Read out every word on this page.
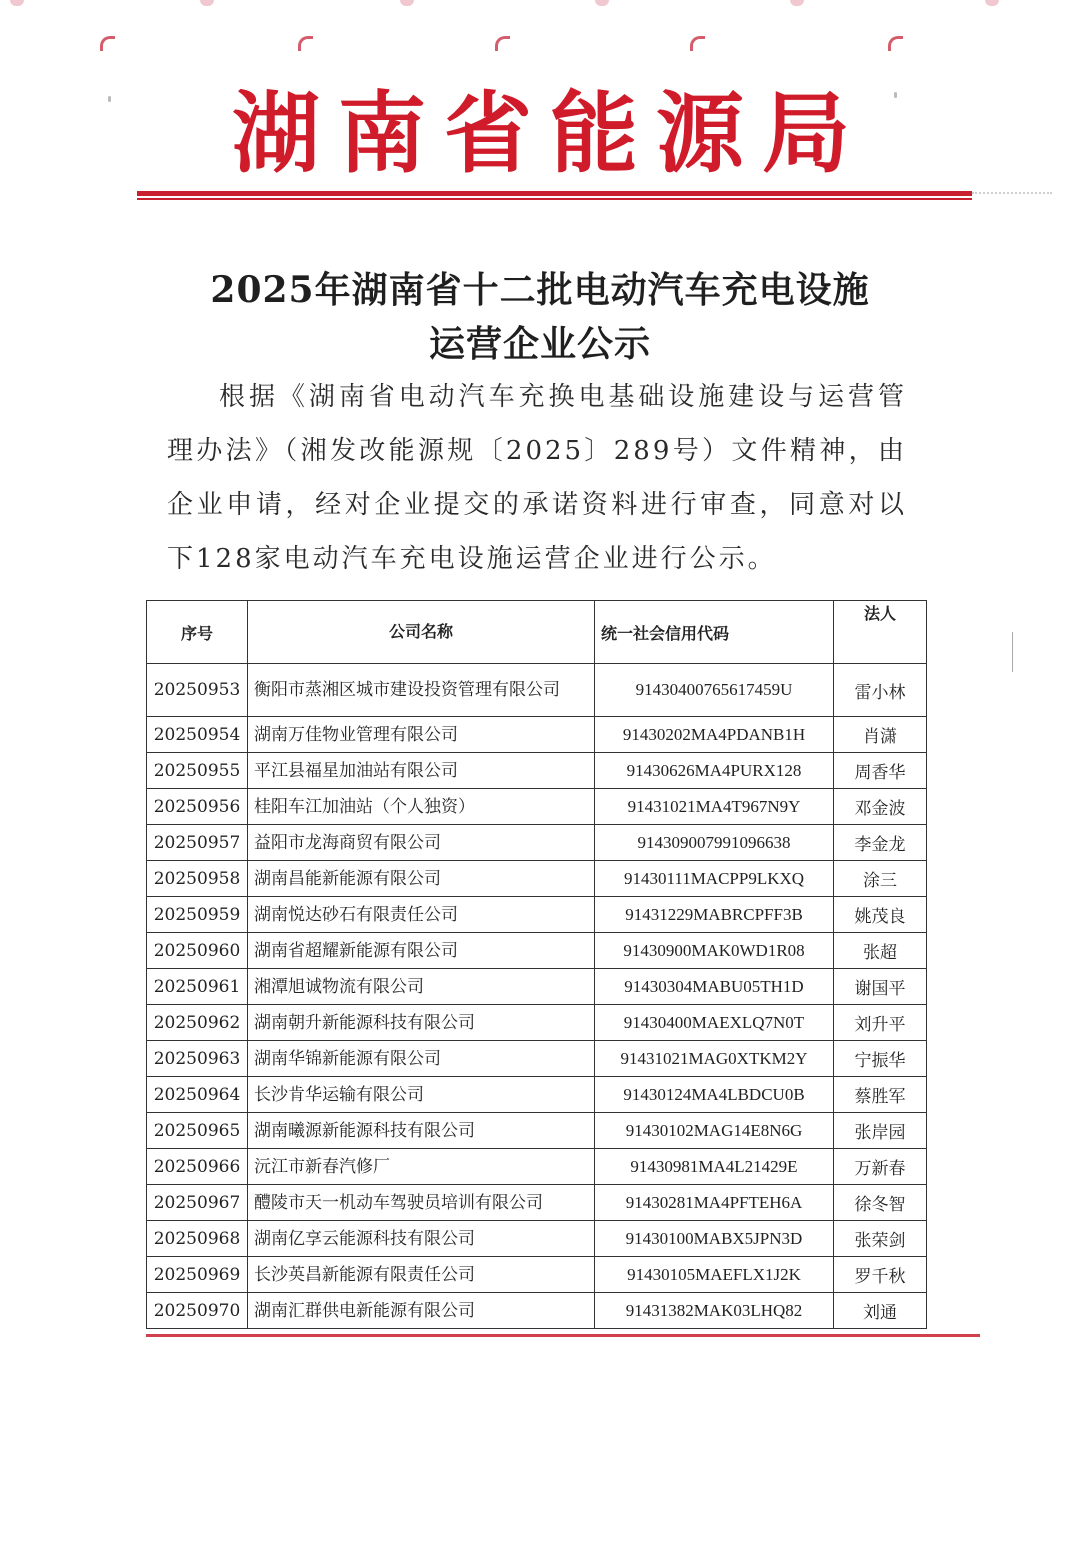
湖南省能源局
2025年湖南省十二批电动汽车充电设施
运营企业公示
根据《湖南省电动汽车充换电基础设施建设与运营管理办法》（湘发改能源规〔2025〕289号）文件精神，由企业申请，经对企业提交的承诺资料进行审查，同意对以下128家电动汽车充电设施运营企业进行公示。
序号	公司名称	统一社会信用代码	法人
20250953	衡阳市蒸湘区城市建设投资管理有限公司	91430400765617459U	雷小林
20250954	湖南万佳物业管理有限公司	91430202MA4PDANB1H	肖潇
20250955	平江县福星加油站有限公司	91430626MA4PURX128	周香华
20250956	桂阳车江加油站（个人独资）	91431021MA4T967N9Y	邓金波
20250957	益阳市龙海商贸有限公司	914309007991096638	李金龙
20250958	湖南昌能新能源有限公司	91430111MACPP9LKXQ	涂三
20250959	湖南悦达砂石有限责任公司	91431229MABRCPFF3B	姚茂良
20250960	湖南省超耀新能源有限公司	91430900MAK0WD1R08	张超
20250961	湘潭旭诚物流有限公司	91430304MABU05TH1D	谢国平
20250962	湖南朝升新能源科技有限公司	91430400MAEXLQ7N0T	刘升平
20250963	湖南华锦新能源有限公司	91431021MAG0XTKM2Y	宁振华
20250964	长沙肯华运输有限公司	91430124MA4LBDCU0B	蔡胜军
20250965	湖南曦源新能源科技有限公司	91430102MAG14E8N6G	张岸园
20250966	沅江市新春汽修厂	91430981MA4L21429E	万新春
20250967	醴陵市天一机动车驾驶员培训有限公司	91430281MA4PFTEH6A	徐冬智
20250968	湖南亿享云能源科技有限公司	91430100MABX5JPN3D	张荣剑
20250969	长沙英昌新能源有限责任公司	91430105MAEFLX1J2K	罗千秋
20250970	湖南汇群供电新能源有限公司	91431382MAK03LHQ82	刘通
